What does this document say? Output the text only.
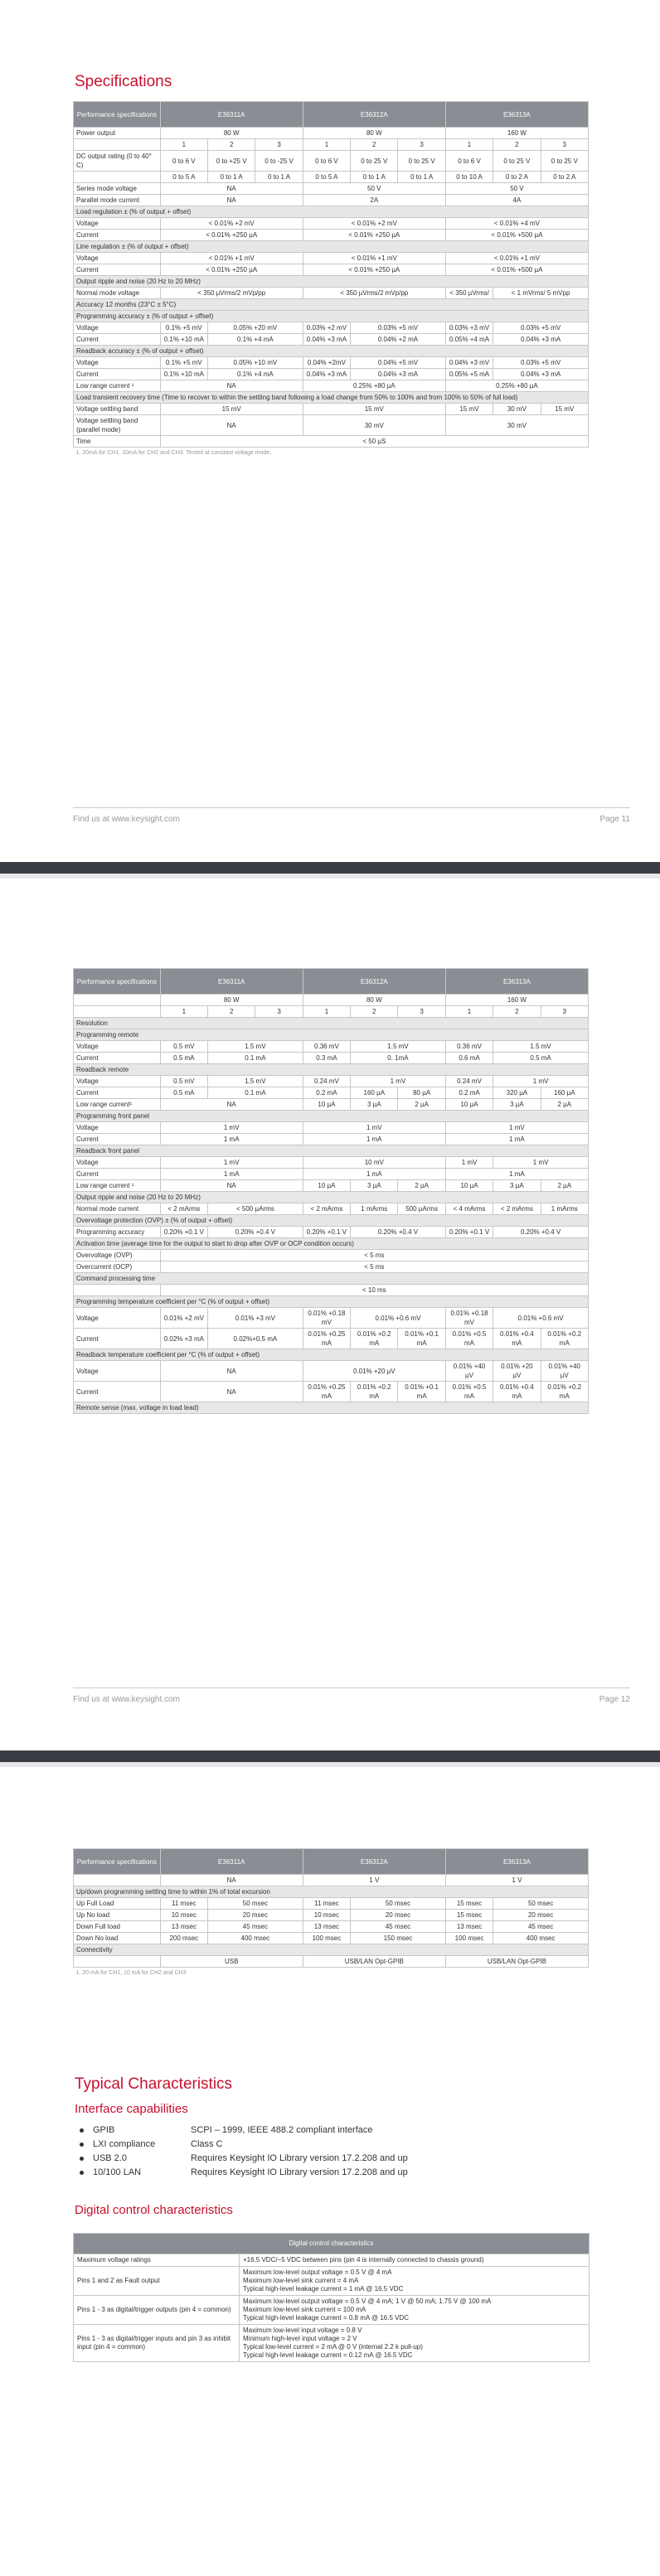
Specifications
Performance specifications	E36311A			E36312A			E36313A		
Power output	80 W			80 W			160 W		
	1	2	3	1	2	3	1	2	3
DC output rating (0 to 40° C)	0 to 6 V	0 to +25 V	0 to -25 V	0 to 6 V	0 to 25 V	0 to 25 V	0 to 6 V	0 to 25 V	0 to 25 V
	0 to 5 A	0 to 1 A	0 to 1 A	0 to 5 A	0 to 1 A	0 to 1 A	0 to 10 A	0 to 2 A	0 to 2 A
Series mode voltage	NA			50 V			50 V		
Parallel mode current	NA			2A			4A		
Load regulation ± (% of output + offset)									
Voltage	< 0.01% +2 mV			< 0.01% +2 mV			< 0.01% +4 mV		
Current	< 0.01% +250 µA			< 0.01% +250 µA			< 0.01% +500 µA		
Line regulation ± (% of output + offset)									
Voltage	< 0.01% +1 mV			< 0.01% +1 mV			< 0.01% +1 mV		
Current	< 0.01% +250 µA			< 0.01% +250 µA			< 0.01% +500 µA		
Output ripple and noise (20 Hz to 20 MHz)									
Normal mode voltage	< 350 µVrms/2 mVp/pp			< 350 µVrms/2 mVp/pp			< 350 µVrms/	< 1 mVrms/ 5 mVpp	
Accuracy 12 months (23°C ± 5°C)									
Programming accuracy ± (% of output + offset)									
Voltage	0.1% +5 mV	0.05% +20 mV		0.03% +2 mV	0.03% +5 mV		0.03% +3 mV	0.03% +5 mV	
Current	0.1% +10 mA	0.1% +4 mA		0.04% +3 mA	0.04% +2 mA		0.05% +4 mA	0.04% +3 mA	
Readback accuracy ± (% of output + offset)									
Voltage	0.1% +5 mV	0.05% +10 mV		0.04% +2mV	0.04% +5 mV		0.04% +3 mV	0.03% +5 mV	
Current	0.1% +10 mA	0.1% +4 mA		0.04% +3 mA	0.04% +3 mA		0.05% +5 mA	0.04% +3 mA	
Low range current ¹	NA			0.25% +80 µA			0.25% +80 µA		
Load transient recovery time (Time to recover to within the settling band following a load change from 50% to 100% and from 100% to 50% of full load)									
Voltage settling band	15 mV			15 mV			15 mV	30 mV	15 mV
Voltage settling band (parallel mode)	NA			30 mV			30 mV		
Time	< 50 µS								
1. 20mA for CH1, 10mA for CH2 and CH3. Tested at constant voltage mode.									
Find us at www.keysight.com	Page 11
Performance specifications	E36311A			E36312A			E36313A		
	80 W			80 W			160 W		
	1	2	3	1	2	3	1	2	3
Resolution									
Programming remote									
Voltage	0.5 mV	1.5 mV		0.36 mV	1.5 mV		0.36 mV	1.5 mV	
Current	0.5 mA	0.1 mA		0.3 mA	0. 1mA		0.6 mA	0.5 mA	
Readback remote									
Voltage	0.5 mV	1.5 mV		0.24 mV	1 mV		0.24 mV	1 mV	
Current	0.5 mA	0.1 mA		0.2 mA	160 µA	80 µA	0.2 mA	320 µA	160 µA
Low range current¹	NA			10 µA	3 µA	2 µA	10 µA	3 µA	2 µA
Programming front panel									
Voltage	1 mV			1 mV			1 mV		
Current	1 mA			1 mA			1 mA		
Readback front panel									
Voltage	1 mV			10 mV			1 mV	1 mV	
Current	1 mA			1 mA			1 mA		
Low range current ¹	NA			10 µA	3 µA	2 µA	10 µA	3 µA	2 µA
Output ripple and noise (20 Hz to 20 MHz)									
Normal mode current	< 2 mArms	< 500 µArms		< 2 mArms	1 mArms	500 µArms	< 4 mArms	< 2 mArms	1 mArms
Overvoltage protection (OVP) ± (% of output + offset)									
Programming accuracy	0.20% +0.1 V	0.20% +0.4 V		0.20% +0.1 V	0.20% +0.4 V		0.20% +0.1 V	0.20% +0.4 V	
Activation time (average time for the output to start to drop after OVP or OCP condition occurs)									
Overvoltage (OVP)	< 5 ms								
Overcurrent (OCP)	< 5 ms								
Command processing time									
	< 10 ms								
Programming temperature coefficient per °C (% of output + offset)									
Voltage	0.01% +2 mV	0.01% +3 mV		0.01% +0.18 mV	0.01% +0.6 mV		0.01% +0.18 mV	0.01% +0.6 mV	
Current	0.02% +3 mA	0.02%+0.5 mA		0.01% +0.25 mA	0.01% +0.2 mA	0.01% +0.1 mA	0.01% +0.5 mA	0.01% +0.4 mA	0.01% +0.2 mA
Readback temperature coefficient per °C (% of output + offset)									
Voltage	NA			0.01% +20 µV			0.01% +40 µV	0.01% +20 µV	0.01% +40 µV
Current	NA			0.01% +0.25 mA	0.01% +0.2 mA	0.01% +0.1 mA	0.01% +0.5 mA	0.01% +0.4 mA	0.01% +0.2 mA
Remote sense (max. voltage in load lead)									
Find us at www.keysight.com	Page 12
Performance specifications	E36311A		E36312A		E36313A	
	NA		1 V		1 V	
Up/down programming settling time to within 1% of total excursion						
Up Full Load	11 msec	50 msec	11 msec	50 msec	15 msec	50 msec
Up No load	10 msec	20 msec	10 msec	20 msec	15 msec	20 msec
Down Full load	13 msec	45 msec	13 msec	45 msec	13 msec	45 msec
Down No load	200 msec	400 msec	100 msec	150 msec	100 msec	400 msec
Connectivity						
	USB		USB/LAN Opt-GPIB		USB/LAN Opt-GPIB	
1. 20 mA for CH1, 10 mA for CH2 and CH3						
Typical Characteristics
Interface capabilities
GPIB	SCPI – 1999, IEEE 488.2 compliant interface
LXI compliance	Class C
USB 2.0	Requires Keysight IO Library version 17.2.208 and up
10/100 LAN	Requires Keysight IO Library version 17.2.208 and up
Digital control characteristics
Digital control characteristics	
Maximum voltage ratings	+16.5 VDC/−5 VDC between pins (pin 4 is internally connected to chassis ground)
Pins 1 and 2 as Fault output	Maximum low-level output voltage = 0.5 V @ 4 mA
Maximum low-level sink current = 4 mA
Typical high-level leakage current = 1 mA @ 16.5 VDC
Pins 1 - 3 as digital/trigger outputs (pin 4 = common)	Maximum low-level output voltage = 0.5 V @ 4 mA; 1 V @ 50 mA; 1.75 V @ 100 mA
Maximum low-level sink current = 100 mA
Typical high-level leakage current = 0.8 mA @ 16.5 VDC
Pins 1 - 3 as digital/trigger inputs and pin 3 as inhibit input (pin 4 = common)	Maximum low-level input voltage = 0.8 V
Minimum high-level input voltage = 2 V
Typical low-level current = 2 mA @ 0 V (internal 2.2 k pull-up)
Typical high-level leakage current = 0.12 mA @ 16.5 VDC
